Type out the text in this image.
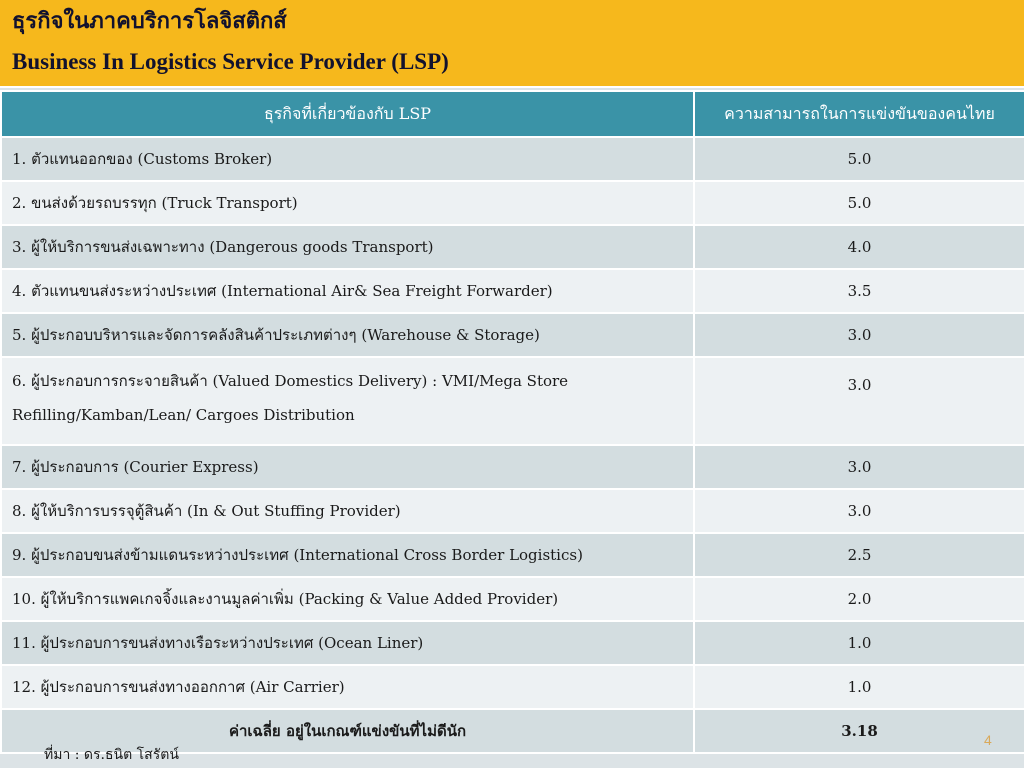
ธุรกิจในภาคบริการโลจิสติกส์
Business In Logistics Service Provider (LSP)
ธุรกิจที่เกี่ยวข้องกับ LSP	ความสามารถในการแข่งขันของคนไทย
1. ตัวแทนออกของ (Customs Broker)	5.0
2. ขนส่งด้วยรถบรรทุก (Truck Transport)	5.0
3. ผู้ให้บริการขนส่งเฉพาะทาง (Dangerous goods Transport)	4.0
4. ตัวแทนขนส่งระหว่างประเทศ (International Air& Sea Freight Forwarder)	3.5
5. ผู้ประกอบบริหารและจัดการคลังสินค้าประเภทต่างๆ (Warehouse & Storage)	3.0
6. ผู้ประกอบการกระจายสินค้า (Valued Domestics Delivery) : VMI/Mega Store Refilling/Kamban/Lean/ Cargoes Distribution	3.0
7. ผู้ประกอบการ (Courier Express)	3.0
8. ผู้ให้บริการบรรจุตู้สินค้า (In & Out Stuffing Provider)	3.0
9. ผู้ประกอบขนส่งข้ามแดนระหว่างประเทศ (International Cross Border Logistics)	2.5
10. ผู้ให้บริการแพคเกจจิ้งและงานมูลค่าเพิ่ม (Packing & Value Added Provider)	2.0
11. ผู้ประกอบการขนส่งทางเรือระหว่างประเทศ (Ocean Liner)	1.0
12. ผู้ประกอบการขนส่งทางออกกาศ (Air Carrier)	1.0
ค่าเฉลี่ย อยู่ในเกณฑ์แข่งขันที่ไม่ดีนัก	3.18
ที่มา : ดร.ธนิต โสรัตน์
4
